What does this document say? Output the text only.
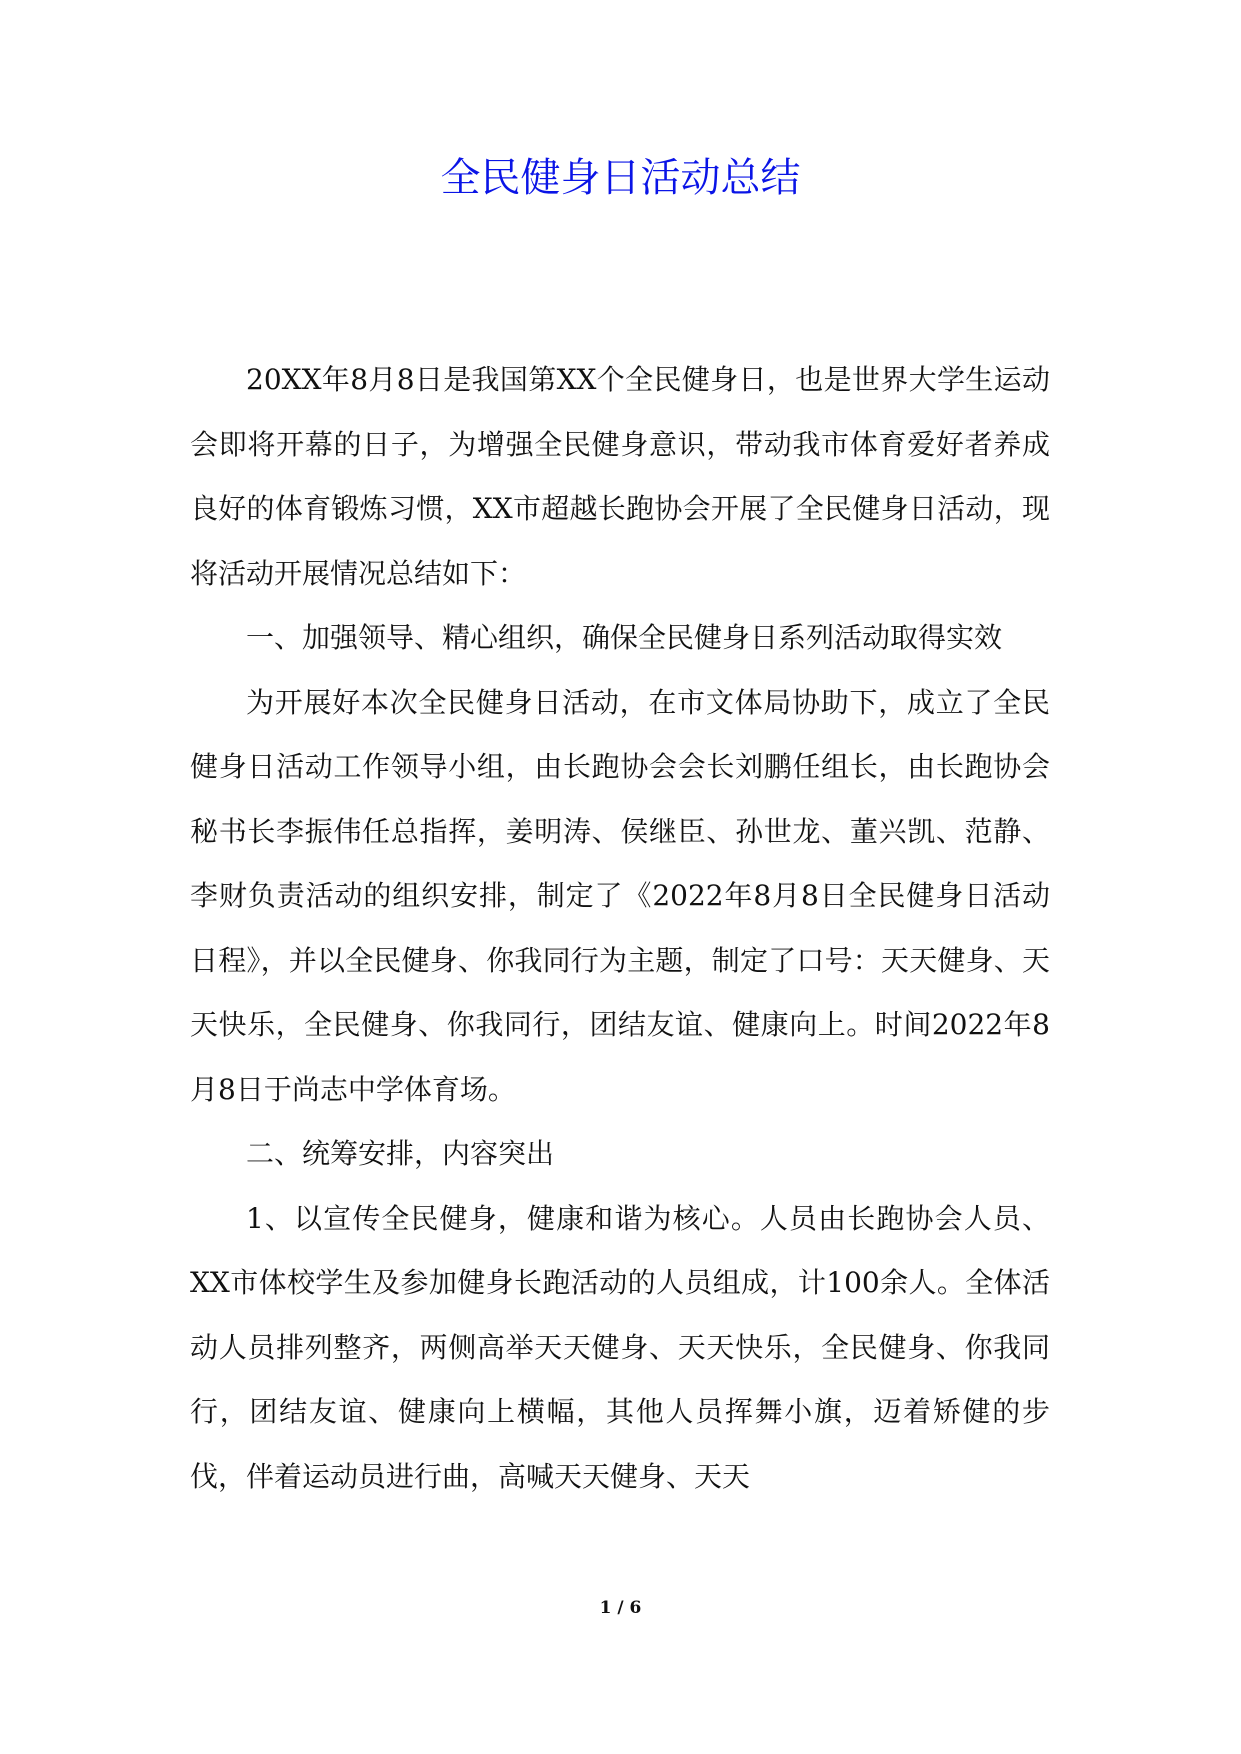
全民健身日活动总结

20XX年8月8日是我国第XX个全民健身日，也是世界大学生运动会即将开幕的日子，为增强全民健身意识，带动我市体育爱好者养成良好的体育锻炼习惯，XX市超越长跑协会开展了全民健身日活动，现将活动开展情况总结如下：

一、加强领导、精心组织，确保全民健身日系列活动取得实效

为开展好本次全民健身日活动，在市文体局协助下，成立了全民健身日活动工作领导小组，由长跑协会会长刘鹏任组长，由长跑协会秘书长李振伟任总指挥，姜明涛、侯继臣、孙世龙、董兴凯、范静、李财负责活动的组织安排，制定了《2022年8月8日全民健身日活动日程》，并以全民健身、你我同行为主题，制定了口号：天天健身、天天快乐，全民健身、你我同行，团结友谊、健康向上。时间2022年8月8日于尚志中学体育场。

二、统筹安排，内容突出

1、以宣传全民健身，健康和谐为核心。人员由长跑协会人员、XX市体校学生及参加健身长跑活动的人员组成，计100余人。全体活动人员排列整齐，两侧高举天天健身、天天快乐，全民健身、你我同行，团结友谊、健康向上横幅，其他人员挥舞小旗，迈着矫健的步伐，伴着运动员进行曲，高喊天天健身、天天

1 / 6
